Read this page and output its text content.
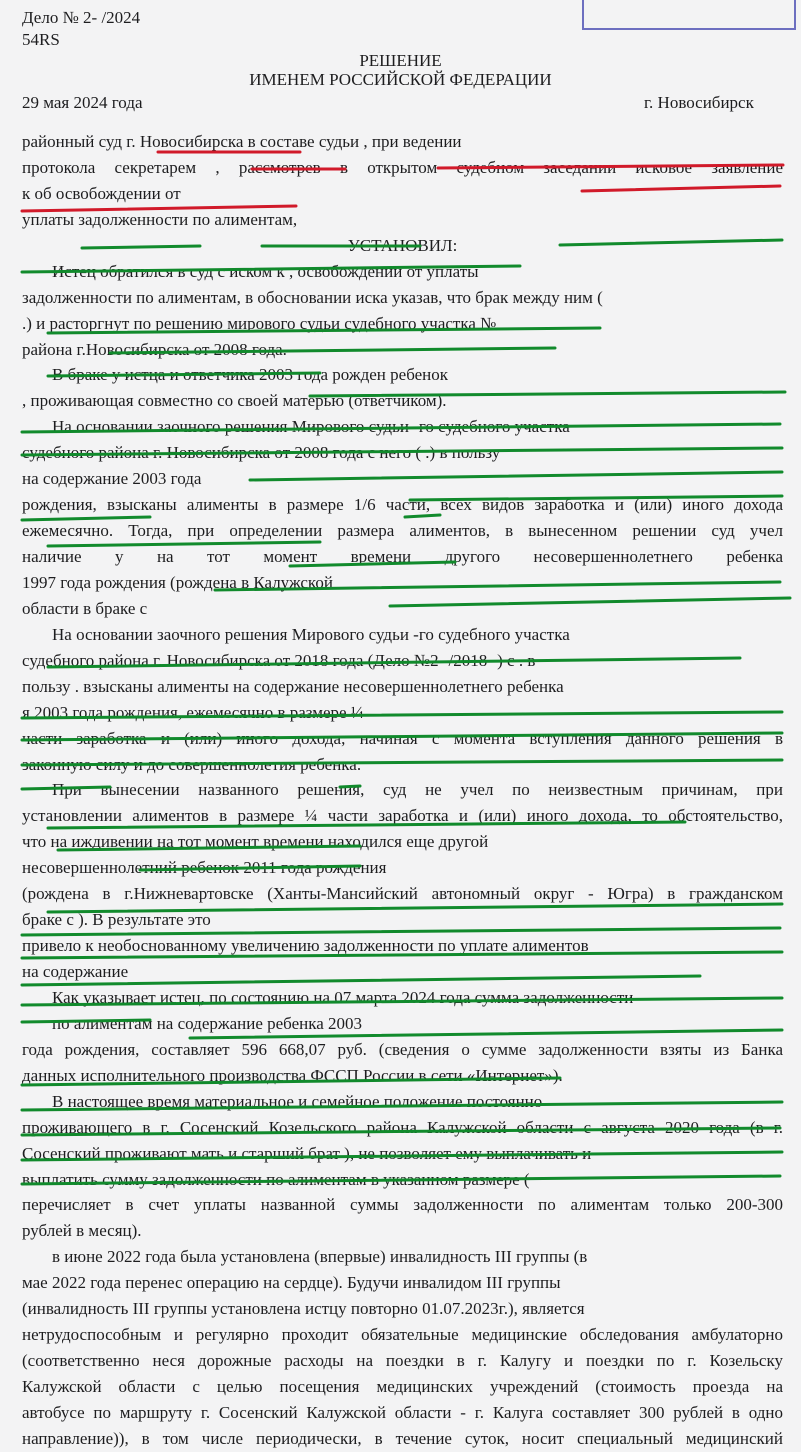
Дело № 2- /2024
54RS
РЕШЕНИЕ
ИМЕНЕМ РОССИЙСКОЙ ФЕДЕРАЦИИ
29 мая 2024 года	г. Новосибирск
районный суд г. Новосибирска в составе судьи , при ведении
протокола секретарем , рассмотрев в открытом судебном заседании исковое заявление
к об освобождении от
уплаты задолженности по алиментам,
УСТАНОВИЛ:
Истец обратился в суд с иском к , освобождении от уплаты
задолженности по алиментам, в обосновании иска указав, что брак между ним (
.) и расторгнут по решению мирового судьи судебного участка №
района г.Новосибирска от 2008 года.
В браке у истца и ответчика 2003 года рожден ребенок
, проживающая совместно со своей матерью (ответчиком).
На основании заочного решения Мирового судьи -го судебного участка
судебного района г. Новосибирска от 2008 года с него ( .) в пользу
на содержание 2003 года
рождения, взысканы алименты в размере 1/6 части, всех видов заработка и (или) иного дохода
ежемесячно. Тогда, при определении размера алиментов, в вынесенном решении суд учел
наличие у на тот момент времени другого несовершеннолетнего ребенка
1997 года рождения (рождена в Калужской
области в браке с
На основании заочного решения Мирового судьи -го судебного участка
судебного района г. Новосибирска от 2018 года (Дело №2- /2018- ) с . в
пользу . взысканы алименты на содержание несовершеннолетнего ребенка
я 2003 года рождения, ежемесячно в размере ¼
части заработка и (или) иного дохода, начиная с момента вступления данного решения в
законную силу и до совершеннолетия ребенка.
При вынесении названного решения, суд не учел по неизвестным причинам, при
установлении алиментов в размере ¼ части заработка и (или) иного дохода, то обстоятельство,
что на иждивении на тот момент времени находился еще другой
несовершеннолетний ребенок 2011 года рождения
(рождена в г.Нижневартовске (Ханты-Мансийский автономный округ - Югра) в гражданском
браке с ). В результате это
привело к необоснованному увеличению задолженности по уплате алиментов
на содержание
Как указывает истец, по состоянию на 07 марта 2024 года сумма задолженности
по алиментам на содержание ребенка 2003
года рождения, составляет 596 668,07 руб. (сведения о сумме задолженности взяты из Банка
данных исполнительного производства ФССП России в сети «Интернет»).
В настоящее время материальное и семейное положение постоянно
проживающего в г. Сосенский Козельского района Калужской области с августа 2020 года (в г.
Сосенский проживают мать и старший брат ), не позволяет ему выплачивать и
выплатить сумму задолженности по алиментам в указанном размере (
перечисляет в счет уплаты названной суммы задолженности по алиментам только 200-300
рублей в месяц).
в июне 2022 года была установлена (впервые) инвалидность III группы (в
мае 2022 года перенес операцию на сердце). Будучи инвалидом III группы
(инвалидность III группы установлена истцу повторно 01.07.2023г.), является
нетрудоспособным и регулярно проходит обязательные медицинские обследования амбулаторно
(соответственно неся дорожные расходы на поездки в г. Калугу и поездки по г. Козельску
Калужской области с целью посещения медицинских учреждений (стоимость проезда на
автобусе по маршруту г. Сосенский Калужской области - г. Калуга составляет 300 рублей в одно
направление)), в том числе периодически, в течение суток, носит специальный медицинский
